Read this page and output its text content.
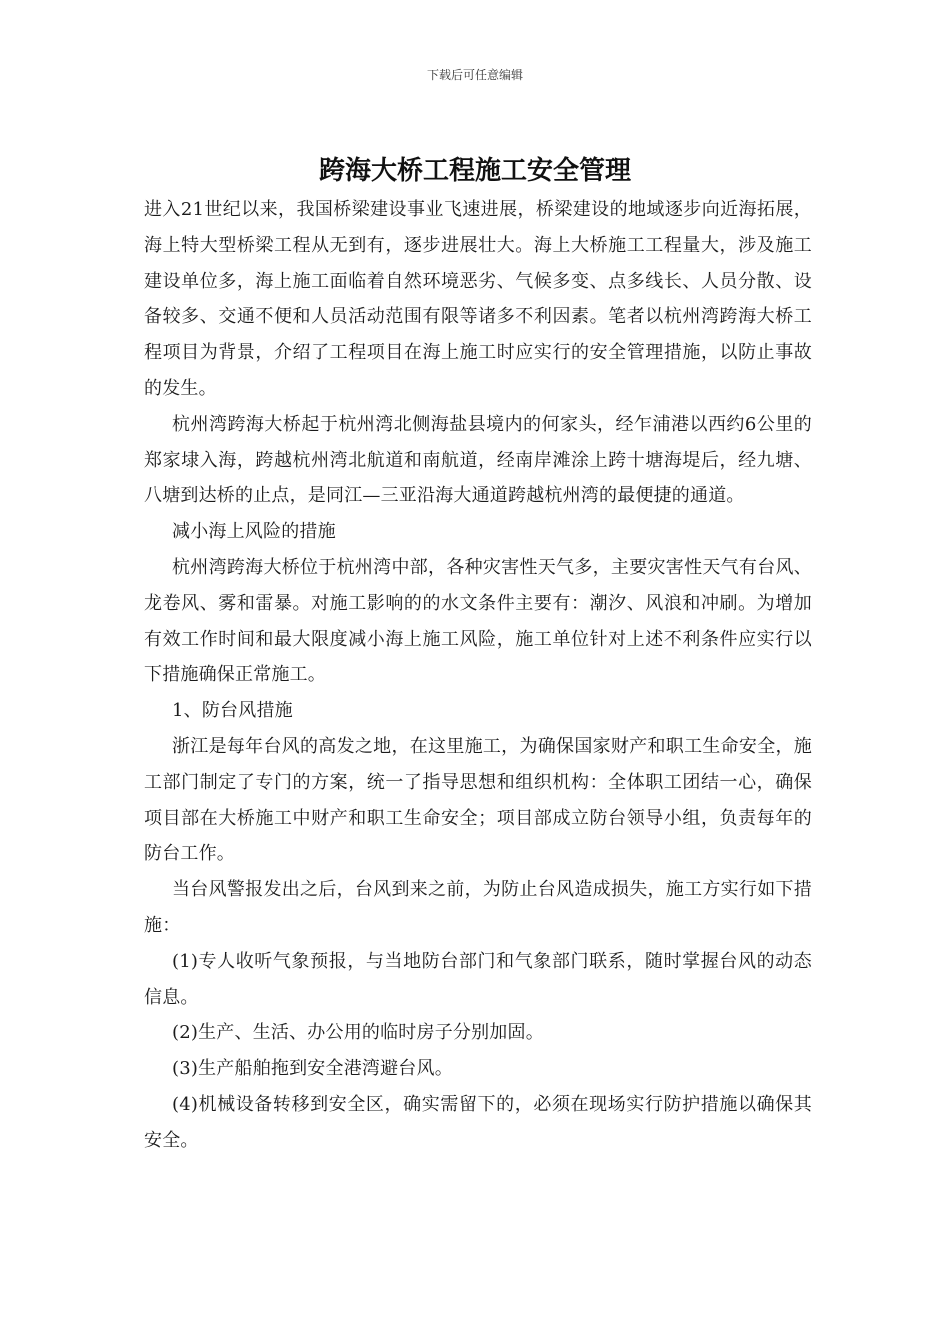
下载后可任意编辑
跨海大桥工程施工安全管理

进入21世纪以来，我国桥梁建设事业飞速进展，桥梁建设的地域逐步向近海拓展，海上特大型桥梁工程从无到有，逐步进展壮大。海上大桥施工工程量大，涉及施工建设单位多，海上施工面临着自然环境恶劣、气候多变、点多线长、人员分散、设备较多、交通不便和人员活动范围有限等诸多不利因素。笔者以杭州湾跨海大桥工程项目为背景，介绍了工程项目在海上施工时应实行的安全管理措施，以防止事故的发生。

杭州湾跨海大桥起于杭州湾北侧海盐县境内的何家头，经乍浦港以西约6公里的郑家埭入海，跨越杭州湾北航道和南航道，经南岸滩涂上跨十塘海堤后，经九塘、八塘到达桥的止点，是同江—三亚沿海大通道跨越杭州湾的最便捷的通道。

减小海上风险的措施

杭州湾跨海大桥位于杭州湾中部，各种灾害性天气多，主要灾害性天气有台风、龙卷风、雾和雷暴。对施工影响的的水文条件主要有：潮汐、风浪和冲刷。为增加有效工作时间和最大限度减小海上施工风险，施工单位针对上述不利条件应实行以下措施确保正常施工。

1、防台风措施

浙江是每年台风的高发之地，在这里施工，为确保国家财产和职工生命安全，施工部门制定了专门的方案，统一了指导思想和组织机构：全体职工团结一心，确保项目部在大桥施工中财产和职工生命安全；项目部成立防台领导小组，负责每年的防台工作。

当台风警报发出之后，台风到来之前，为防止台风造成损失，施工方实行如下措施：

(1)专人收听气象预报，与当地防台部门和气象部门联系，随时掌握台风的动态信息。

(2)生产、生活、办公用的临时房子分别加固。

(3)生产船舶拖到安全港湾避台风。

(4)机械设备转移到安全区，确实需留下的，必须在现场实行防护措施以确保其安全。
